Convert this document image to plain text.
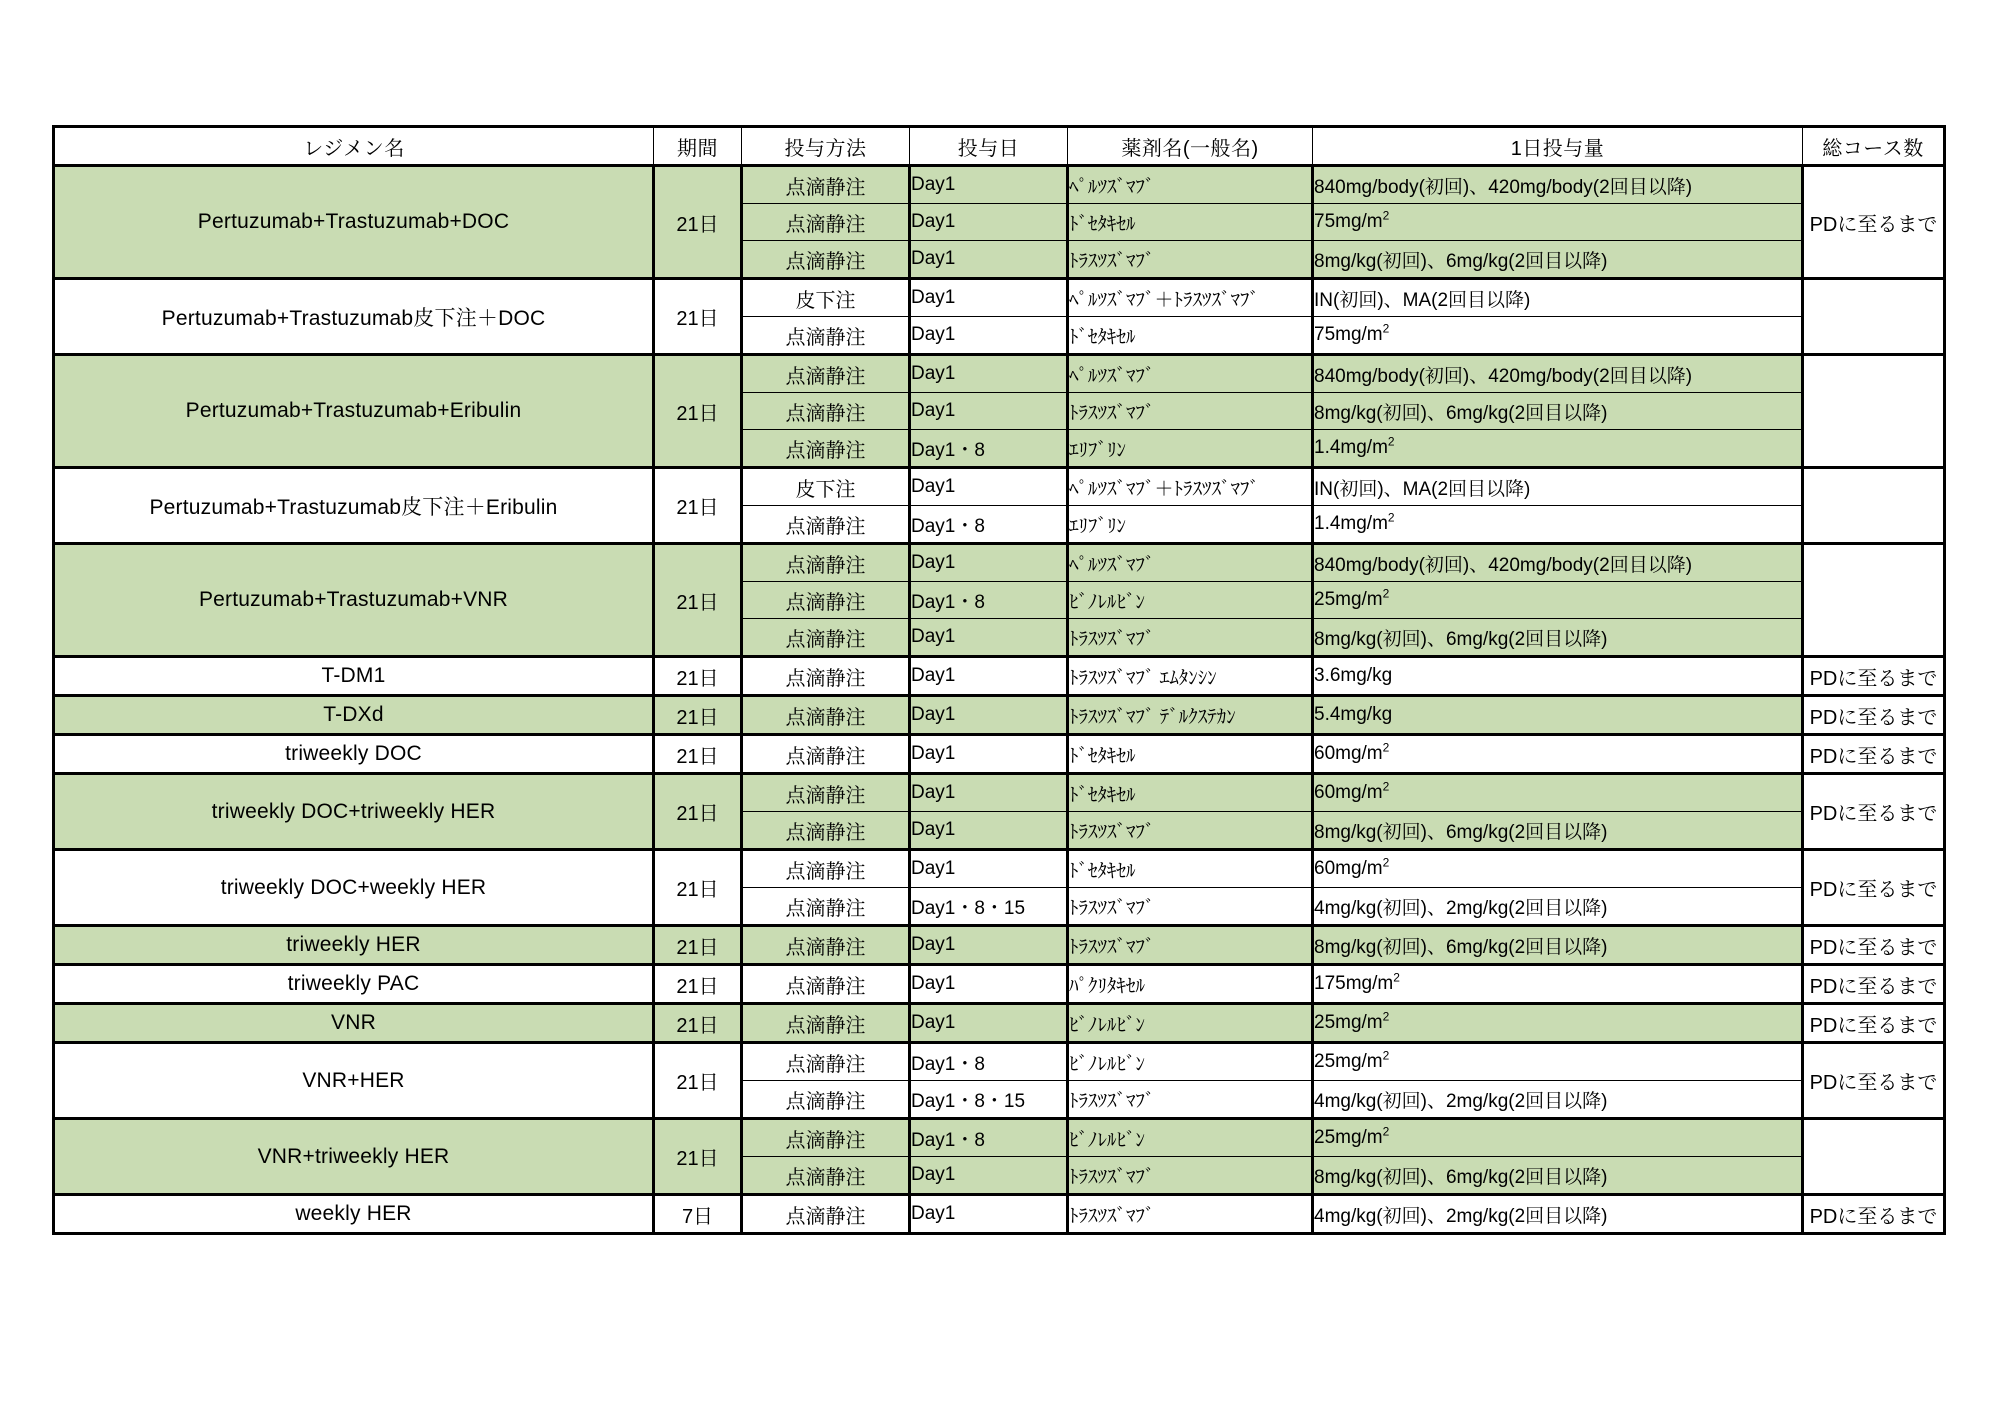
レジメン名	期間	投与方法	投与日	薬剤名(一般名)	1日投与量	総コース数
Pertuzumab+Trastuzumab+DOC	21日	点滴静注	Day1	ﾍﾟﾙﾂｽﾞﾏﾌﾞ	840mg/body(初回)、420mg/body(2回目以降)	PDに至るまで
		点滴静注	Day1	ﾄﾞｾﾀｷｾﾙ	$75mg/m^2$
		点滴静注	Day1	ﾄﾗｽﾂｽﾞﾏﾌﾞ	8mg/kg(初回)、6mg/kg(2回目以降)	
Pertuzumab+Trastuzumab皮下注＋DOC	21日	皮下注	Day1	ﾍﾟﾙﾂｽﾞﾏﾌﾞ＋ﾄﾗｽﾂｽﾞﾏﾌﾞ	IN(初回)、MA(2回目以降)	
		点滴静注	Day1	ﾄﾞｾﾀｷｾﾙ	$75mg/m^2$
Pertuzumab+Trastuzumab+Eribulin	21日	点滴静注	Day1	ﾍﾟﾙﾂｽﾞﾏﾌﾞ	840mg/body(初回)、420mg/body(2回目以降)	
		点滴静注	Day1	ﾄﾗｽﾂｽﾞﾏﾌﾞ	8mg/kg(初回)、6mg/kg(2回目以降)	
		点滴静注	Day1・8	ｴﾘﾌﾞﾘﾝ	$1.4mg/m^2$
Pertuzumab+Trastuzumab皮下注＋Eribulin	21日	皮下注	Day1	ﾍﾟﾙﾂｽﾞﾏﾌﾞ＋ﾄﾗｽﾂｽﾞﾏﾌﾞ	IN(初回)、MA(2回目以降)	
		点滴静注	Day1・8	ｴﾘﾌﾞﾘﾝ	$1.4mg/m^2$
Pertuzumab+Trastuzumab+VNR	21日	点滴静注	Day1	ﾍﾟﾙﾂｽﾞﾏﾌﾞ	840mg/body(初回)、420mg/body(2回目以降)	
		点滴静注	Day1・8	ﾋﾞﾉﾚﾙﾋﾞﾝ	$25mg/m^2$
		点滴静注	Day1	ﾄﾗｽﾂｽﾞﾏﾌﾞ	8mg/kg(初回)、6mg/kg(2回目以降)	
T-DM1	21日	点滴静注	Day1	ﾄﾗｽﾂｽﾞﾏﾌﾞ ｴﾑﾀﾝｼﾝ	3.6mg/kg	PDに至るまで
T-DXd	21日	点滴静注	Day1	ﾄﾗｽﾂｽﾞﾏﾌﾞ ﾃﾞﾙｸｽﾃｶﾝ	5.4mg/kg	PDに至るまで
triweekly DOC	21日	点滴静注	Day1	ﾄﾞｾﾀｷｾﾙ	$60mg/m^2$	PDに至るまで
triweekly DOC+triweekly HER	21日	点滴静注	Day1	ﾄﾞｾﾀｷｾﾙ	$60mg/m^2$	PDに至るまで
		点滴静注	Day1	ﾄﾗｽﾂｽﾞﾏﾌﾞ	8mg/kg(初回)、6mg/kg(2回目以降)	
triweekly DOC+weekly HER	21日	点滴静注	Day1	ﾄﾞｾﾀｷｾﾙ	$60mg/m^2$	PDに至るまで
		点滴静注	Day1・8・15	ﾄﾗｽﾂｽﾞﾏﾌﾞ	4mg/kg(初回)、2mg/kg(2回目以降)	
triweekly HER	21日	点滴静注	Day1	ﾄﾗｽﾂｽﾞﾏﾌﾞ	8mg/kg(初回)、6mg/kg(2回目以降)	PDに至るまで
triweekly PAC	21日	点滴静注	Day1	ﾊﾟｸﾘﾀｷｾﾙ	$175mg/m^2$	PDに至るまで
VNR	21日	点滴静注	Day1	ﾋﾞﾉﾚﾙﾋﾞﾝ	$25mg/m^2$	PDに至るまで
VNR+HER	21日	点滴静注	Day1・8	ﾋﾞﾉﾚﾙﾋﾞﾝ	$25mg/m^2$	PDに至るまで
		点滴静注	Day1・8・15	ﾄﾗｽﾂｽﾞﾏﾌﾞ	4mg/kg(初回)、2mg/kg(2回目以降)	
VNR+triweekly HER	21日	点滴静注	Day1・8	ﾋﾞﾉﾚﾙﾋﾞﾝ	$25mg/m^2$	
		点滴静注	Day1	ﾄﾗｽﾂｽﾞﾏﾌﾞ	8mg/kg(初回)、6mg/kg(2回目以降)	
weekly HER	7日	点滴静注	Day1	ﾄﾗｽﾂｽﾞﾏﾌﾞ	4mg/kg(初回)、2mg/kg(2回目以降)	PDに至るまで
